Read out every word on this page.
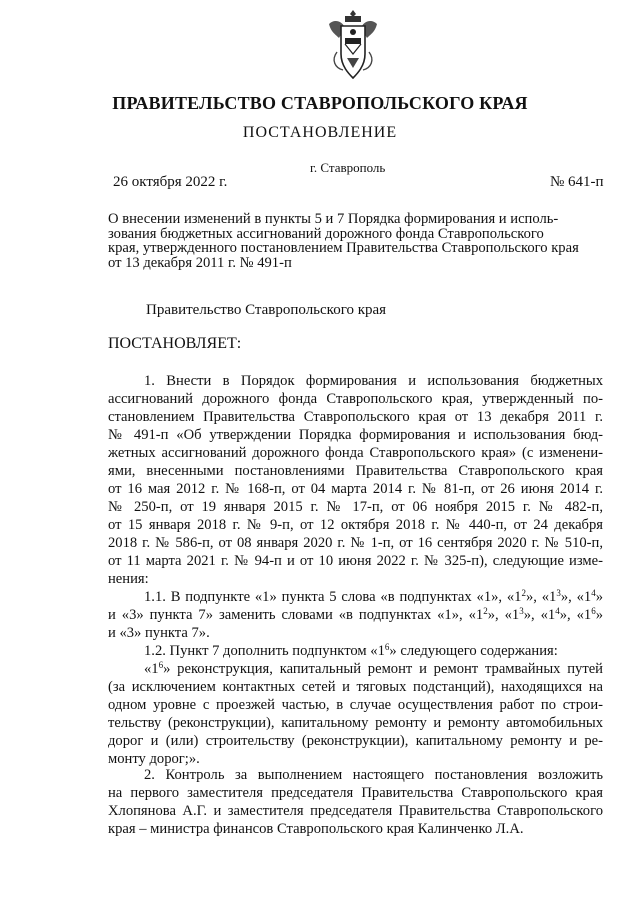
ПРАВИТЕЛЬСТВО СТАВРОПОЛЬСКОГО КРАЯ
ПОСТАНОВЛЕНИЕ
г. Ставрополь
26 октября 2022 г.	№ 641-п
О внесении изменений в пункты 5 и 7 Порядка формирования и исполь-
зования бюджетных ассигнований дорожного фонда Ставропольского
края, утвержденного постановлением Правительства Ставропольского края
от 13 декабря 2011 г. № 491-п
Правительство Ставропольского края
ПОСТАНОВЛЯЕТ:
1. Внести в Порядок формирования и использования бюджетных
ассигнований дорожного фонда Ставропольского края, утвержденный по-
становлением Правительства Ставропольского края от 13 декабря 2011 г.
№ 491-п «Об утверждении Порядка формирования и использования бюд-
жетных ассигнований дорожного фонда Ставропольского края» (с изменени-
ями, внесенными постановлениями Правительства Ставропольского края
от 16 мая 2012 г. № 168-п, от 04 марта 2014 г. № 81-п, от 26 июня 2014 г.
№ 250-п, от 19 января 2015 г. № 17-п, от 06 ноября 2015 г. № 482-п,
от 15 января 2018 г. № 9-п, от 12 октября 2018 г. № 440-п, от 24 декабря
2018 г. № 586-п, от 08 января 2020 г. № 1-п, от 16 сентября 2020 г. № 510-п,
от 11 марта 2021 г. № 94-п и от 10 июня 2022 г. № 325-п), следующие изме-
нения:
1.1. В подпункте «1» пункта 5 слова «в подпунктах «1», «$1^2$», «$1^3$», «$1^4$»
и «3» пункта 7» заменить словами «в подпунктах «1», «$1^2$», «$1^3$», «$1^4$», «$1^6$»
и «3» пункта 7».
1.2. Пункт 7 дополнить подпунктом «$1^6$» следующего содержания:
«$1^6$» реконструкция, капитальный ремонт и ремонт трамвайных путей
(за исключением контактных сетей и тяговых подстанций), находящихся на
одном уровне с проезжей частью, в случае осуществления работ по строи-
тельству (реконструкции), капитальному ремонту и ремонту автомобильных
дорог и (или) строительству (реконструкции), капитальному ремонту и ре-
монту дорог;».
2. Контроль за выполнением настоящего постановления возложить
на первого заместителя председателя Правительства Ставропольского края
Хлопянова А.Г. и заместителя председателя Правительства Ставропольского
края – министра финансов Ставропольского края Калинченко Л.А.
